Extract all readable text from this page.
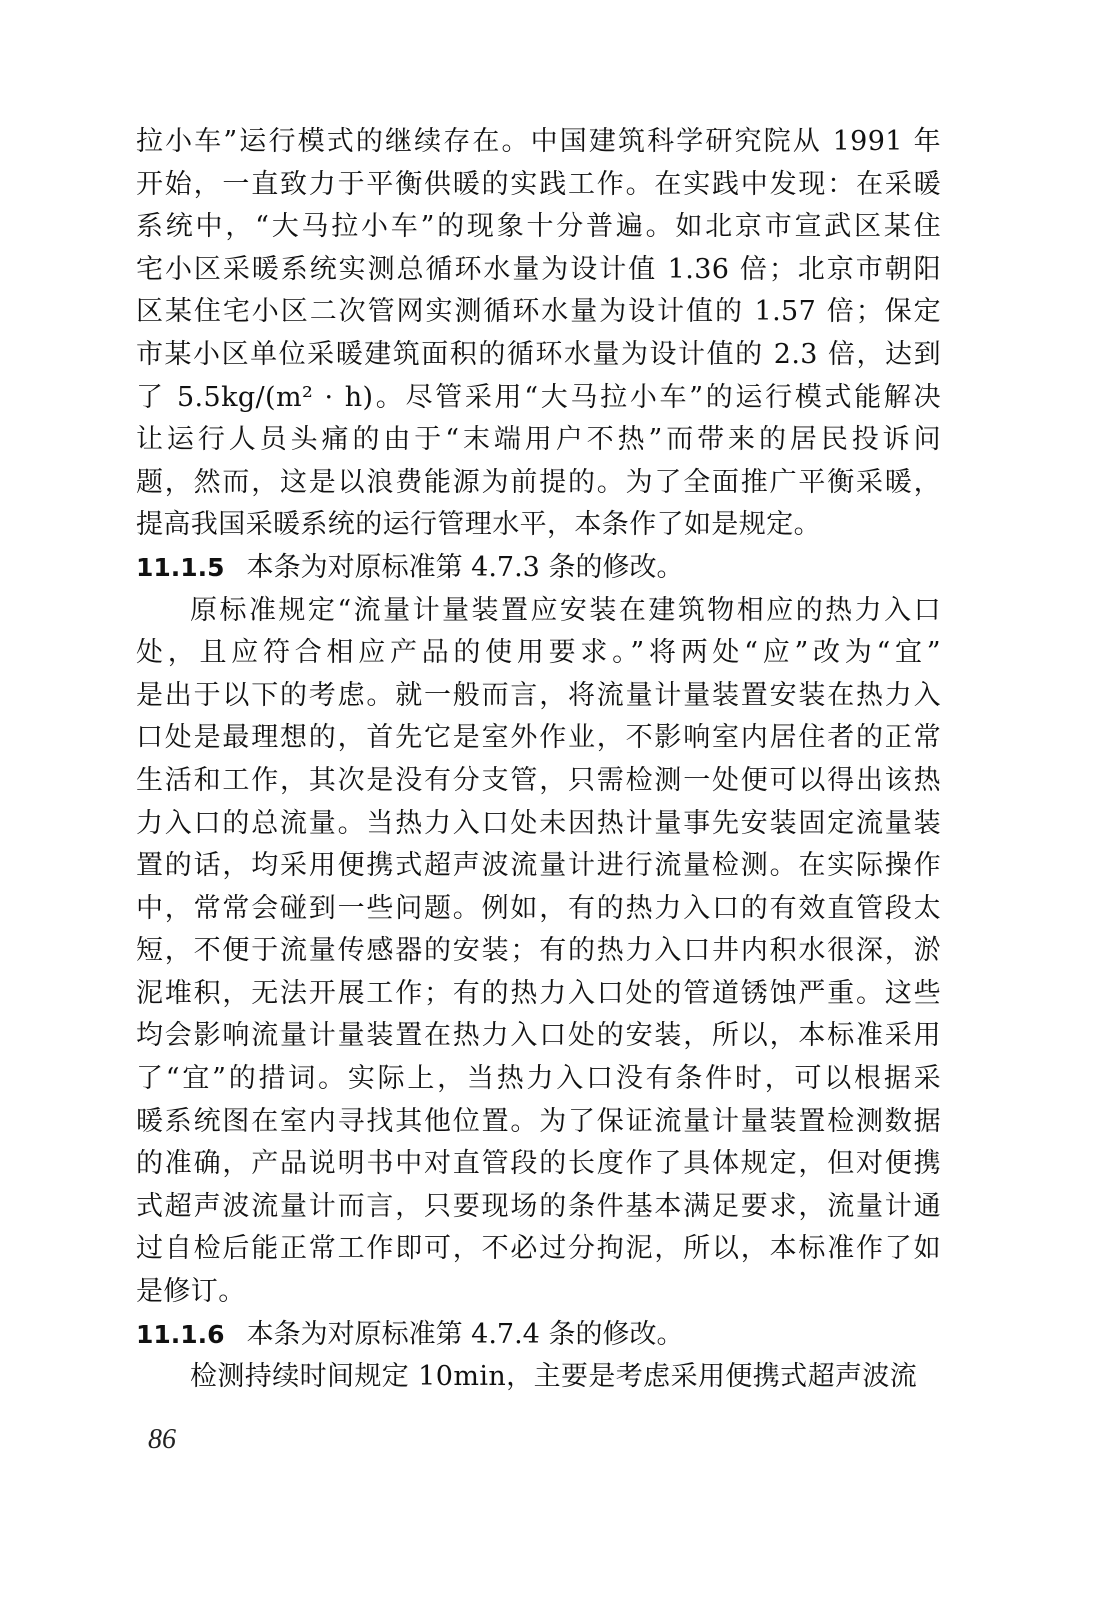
拉小车”运行模式的继续存在。中国建筑科学研究院从 1991 年
开始，一直致力于平衡供暖的实践工作。在实践中发现：在采暖
系统中，“大马拉小车”的现象十分普遍。如北京市宣武区某住
宅小区采暖系统实测总循环水量为设计值 1.36 倍；北京市朝阳
区某住宅小区二次管网实测循环水量为设计值的 1.57 倍；保定
市某小区单位采暖建筑面积的循环水量为设计值的 2.3 倍，达到
了 5.5kg/(m² · h)。尽管采用“大马拉小车”的运行模式能解决
让运行人员头痛的由于“末端用户不热”而带来的居民投诉问
题，然而，这是以浪费能源为前提的。为了全面推广平衡采暖，
提高我国采暖系统的运行管理水平，本条作了如是规定。
11.1.5 本条为对原标准第 4.7.3 条的修改。
原标准规定“流量计量装置应安装在建筑物相应的热力入口
处，且应符合相应产品的使用要求。”将两处“应”改为“宜”
是出于以下的考虑。就一般而言，将流量计量装置安装在热力入
口处是最理想的，首先它是室外作业，不影响室内居住者的正常
生活和工作，其次是没有分支管，只需检测一处便可以得出该热
力入口的总流量。当热力入口处未因热计量事先安装固定流量装
置的话，均采用便携式超声波流量计进行流量检测。在实际操作
中，常常会碰到一些问题。例如，有的热力入口的有效直管段太
短，不便于流量传感器的安装；有的热力入口井内积水很深，淤
泥堆积，无法开展工作；有的热力入口处的管道锈蚀严重。这些
均会影响流量计量装置在热力入口处的安装，所以，本标准采用
了“宜”的措词。实际上，当热力入口没有条件时，可以根据采
暖系统图在室内寻找其他位置。为了保证流量计量装置检测数据
的准确，产品说明书中对直管段的长度作了具体规定，但对便携
式超声波流量计而言，只要现场的条件基本满足要求，流量计通
过自检后能正常工作即可，不必过分拘泥，所以，本标准作了如
是修订。
11.1.6 本条为对原标准第 4.7.4 条的修改。
检测持续时间规定 10min，主要是考虑采用便携式超声波流
86
